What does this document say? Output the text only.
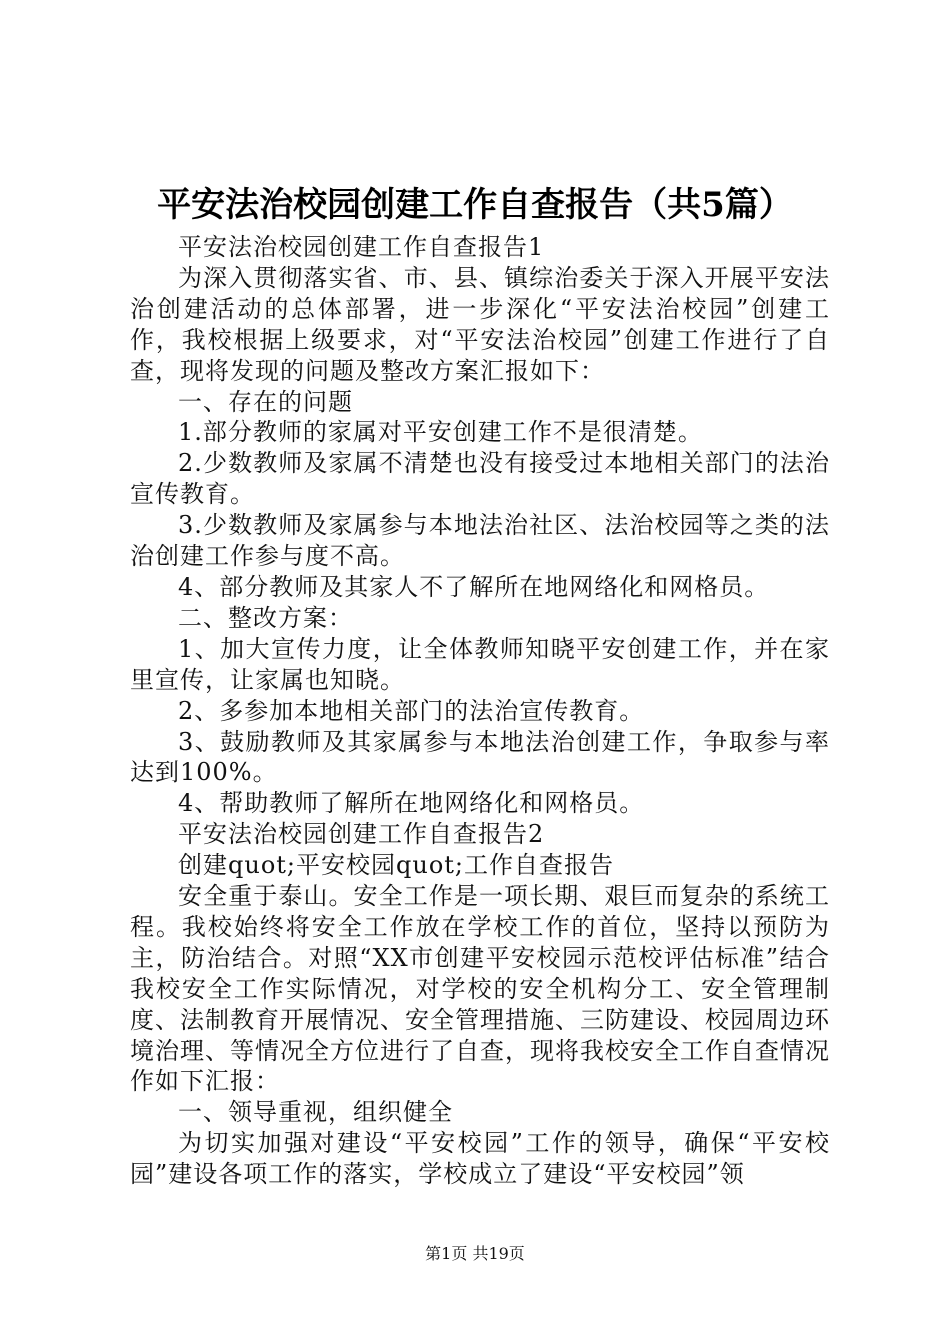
平安法治校园创建工作自查报告（共5篇）

平安法治校园创建工作自查报告1

为深入贯彻落实省、市、县、镇综治委关于深入开展平安法治创建活动的总体部署，进一步深化“平安法治校园”创建工作，我校根据上级要求，对“平安法治校园”创建工作进行了自查，现将发现的问题及整改方案汇报如下：

一、存在的问题

1.部分教师的家属对平安创建工作不是很清楚。

2.少数教师及家属不清楚也没有接受过本地相关部门的法治宣传教育。

3.少数教师及家属参与本地法治社区、法治校园等之类的法治创建工作参与度不高。

4、部分教师及其家人不了解所在地网络化和网格员。

二、整改方案：

1、加大宣传力度，让全体教师知晓平安创建工作，并在家里宣传，让家属也知晓。

2、多参加本地相关部门的法治宣传教育。

3、鼓励教师及其家属参与本地法治创建工作，争取参与率达到100%。

4、帮助教师了解所在地网络化和网格员。

平安法治校园创建工作自查报告2

创建quot;平安校园quot;工作自查报告

安全重于泰山。安全工作是一项长期、艰巨而复杂的系统工程。我校始终将安全工作放在学校工作的首位，坚持以预防为主，防治结合。对照“XX市创建平安校园示范校评估标准”结合我校安全工作实际情况，对学校的安全机构分工、安全管理制度、法制教育开展情况、安全管理措施、三防建设、校园周边环境治理、等情况全方位进行了自查，现将我校安全工作自查情况作如下汇报：

一、领导重视，组织健全

为切实加强对建设“平安校园”工作的领导，确保“平安校园”建设各项工作的落实，学校成立了建设“平安校园”领

第1页 共19页
